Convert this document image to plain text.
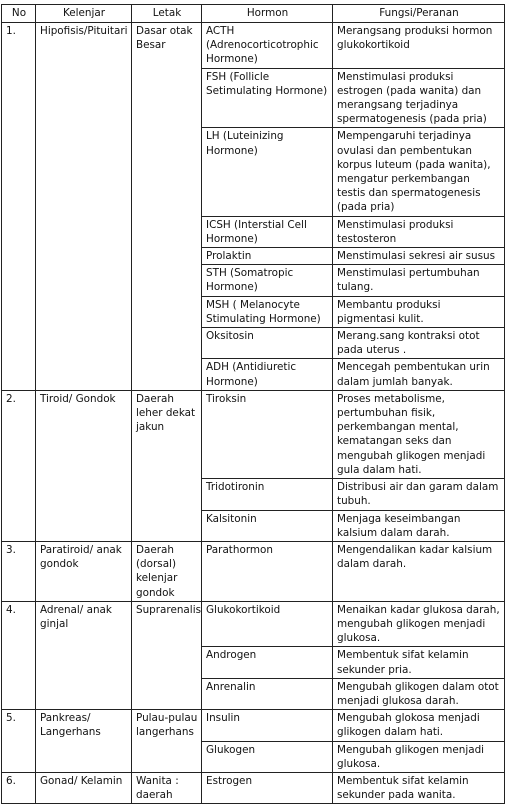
No	Kelenjar	Letak	Hormon	Fungsi/Peranan
1.	Hipofisis/Pituitari	Dasar otak Besar	ACTH (Adrenocorticotrophic Hormone)	Merangsang produksi hormon glukokortikoid
			FSH (Follicle Setimulating Hormone)	Menstimulasi produksi estrogen (pada wanita) dan merangsang terjadinya spermatogenesis (pada pria)
			LH (Luteinizing Hormone)	Mempengaruhi terjadinya ovulasi dan pembentukan korpus luteum (pada wanita), mengatur perkembangan testis dan spermatogenesis (pada pria)
			ICSH (Interstial Cell Hormone)	Menstimulasi produksi testosteron
			Prolaktin	Menstimulasi sekresi air susus
			STH (Somatropic Hormone)	Menstimulasi pertumbuhan tulang.
			MSH ( Melanocyte Stimulating Hormone)	Membantu produksi pigmentasi kulit.
			Oksitosin	Merang.sang kontraksi otot pada uterus .
			ADH (Antidiuretic Hormone)	Mencegah pembentukan urin dalam jumlah banyak.
2.	Tiroid/ Gondok	Daerah leher dekat jakun	Tiroksin	Proses metabolisme, pertumbuhan fisik, perkembangan mental, kematangan seks dan mengubah glikogen menjadi gula dalam hati.
			Tridotironin	Distribusi air dan garam dalam tubuh.
			Kalsitonin	Menjaga keseimbangan kalsium dalam darah.
3.	Paratiroid/ anak gondok	Daerah (dorsal) kelenjar gondok	Parathormon	Mengendalikan kadar kalsium dalam darah.
4.	Adrenal/ anak ginjal	Suprarenalis	Glukokortikoid	Menaikan kadar glukosa darah, mengubah glikogen menjadi glukosa.
			Androgen	Membentuk sifat kelamin sekunder pria.
			Anrenalin	Mengubah glikogen dalam otot menjadi glukosa darah.
5.	Pankreas/ Langerhans	Pulau-pulau langerhans	Insulin	Mengubah glokosa menjadi glikogen dalam hati.
			Glukogen	Mengubah glikogen menjadi glukosa.
6.	Gonad/ Kelamin	Wanita : daerah	Estrogen	Membentuk sifat kelamin sekunder pada wanita.
